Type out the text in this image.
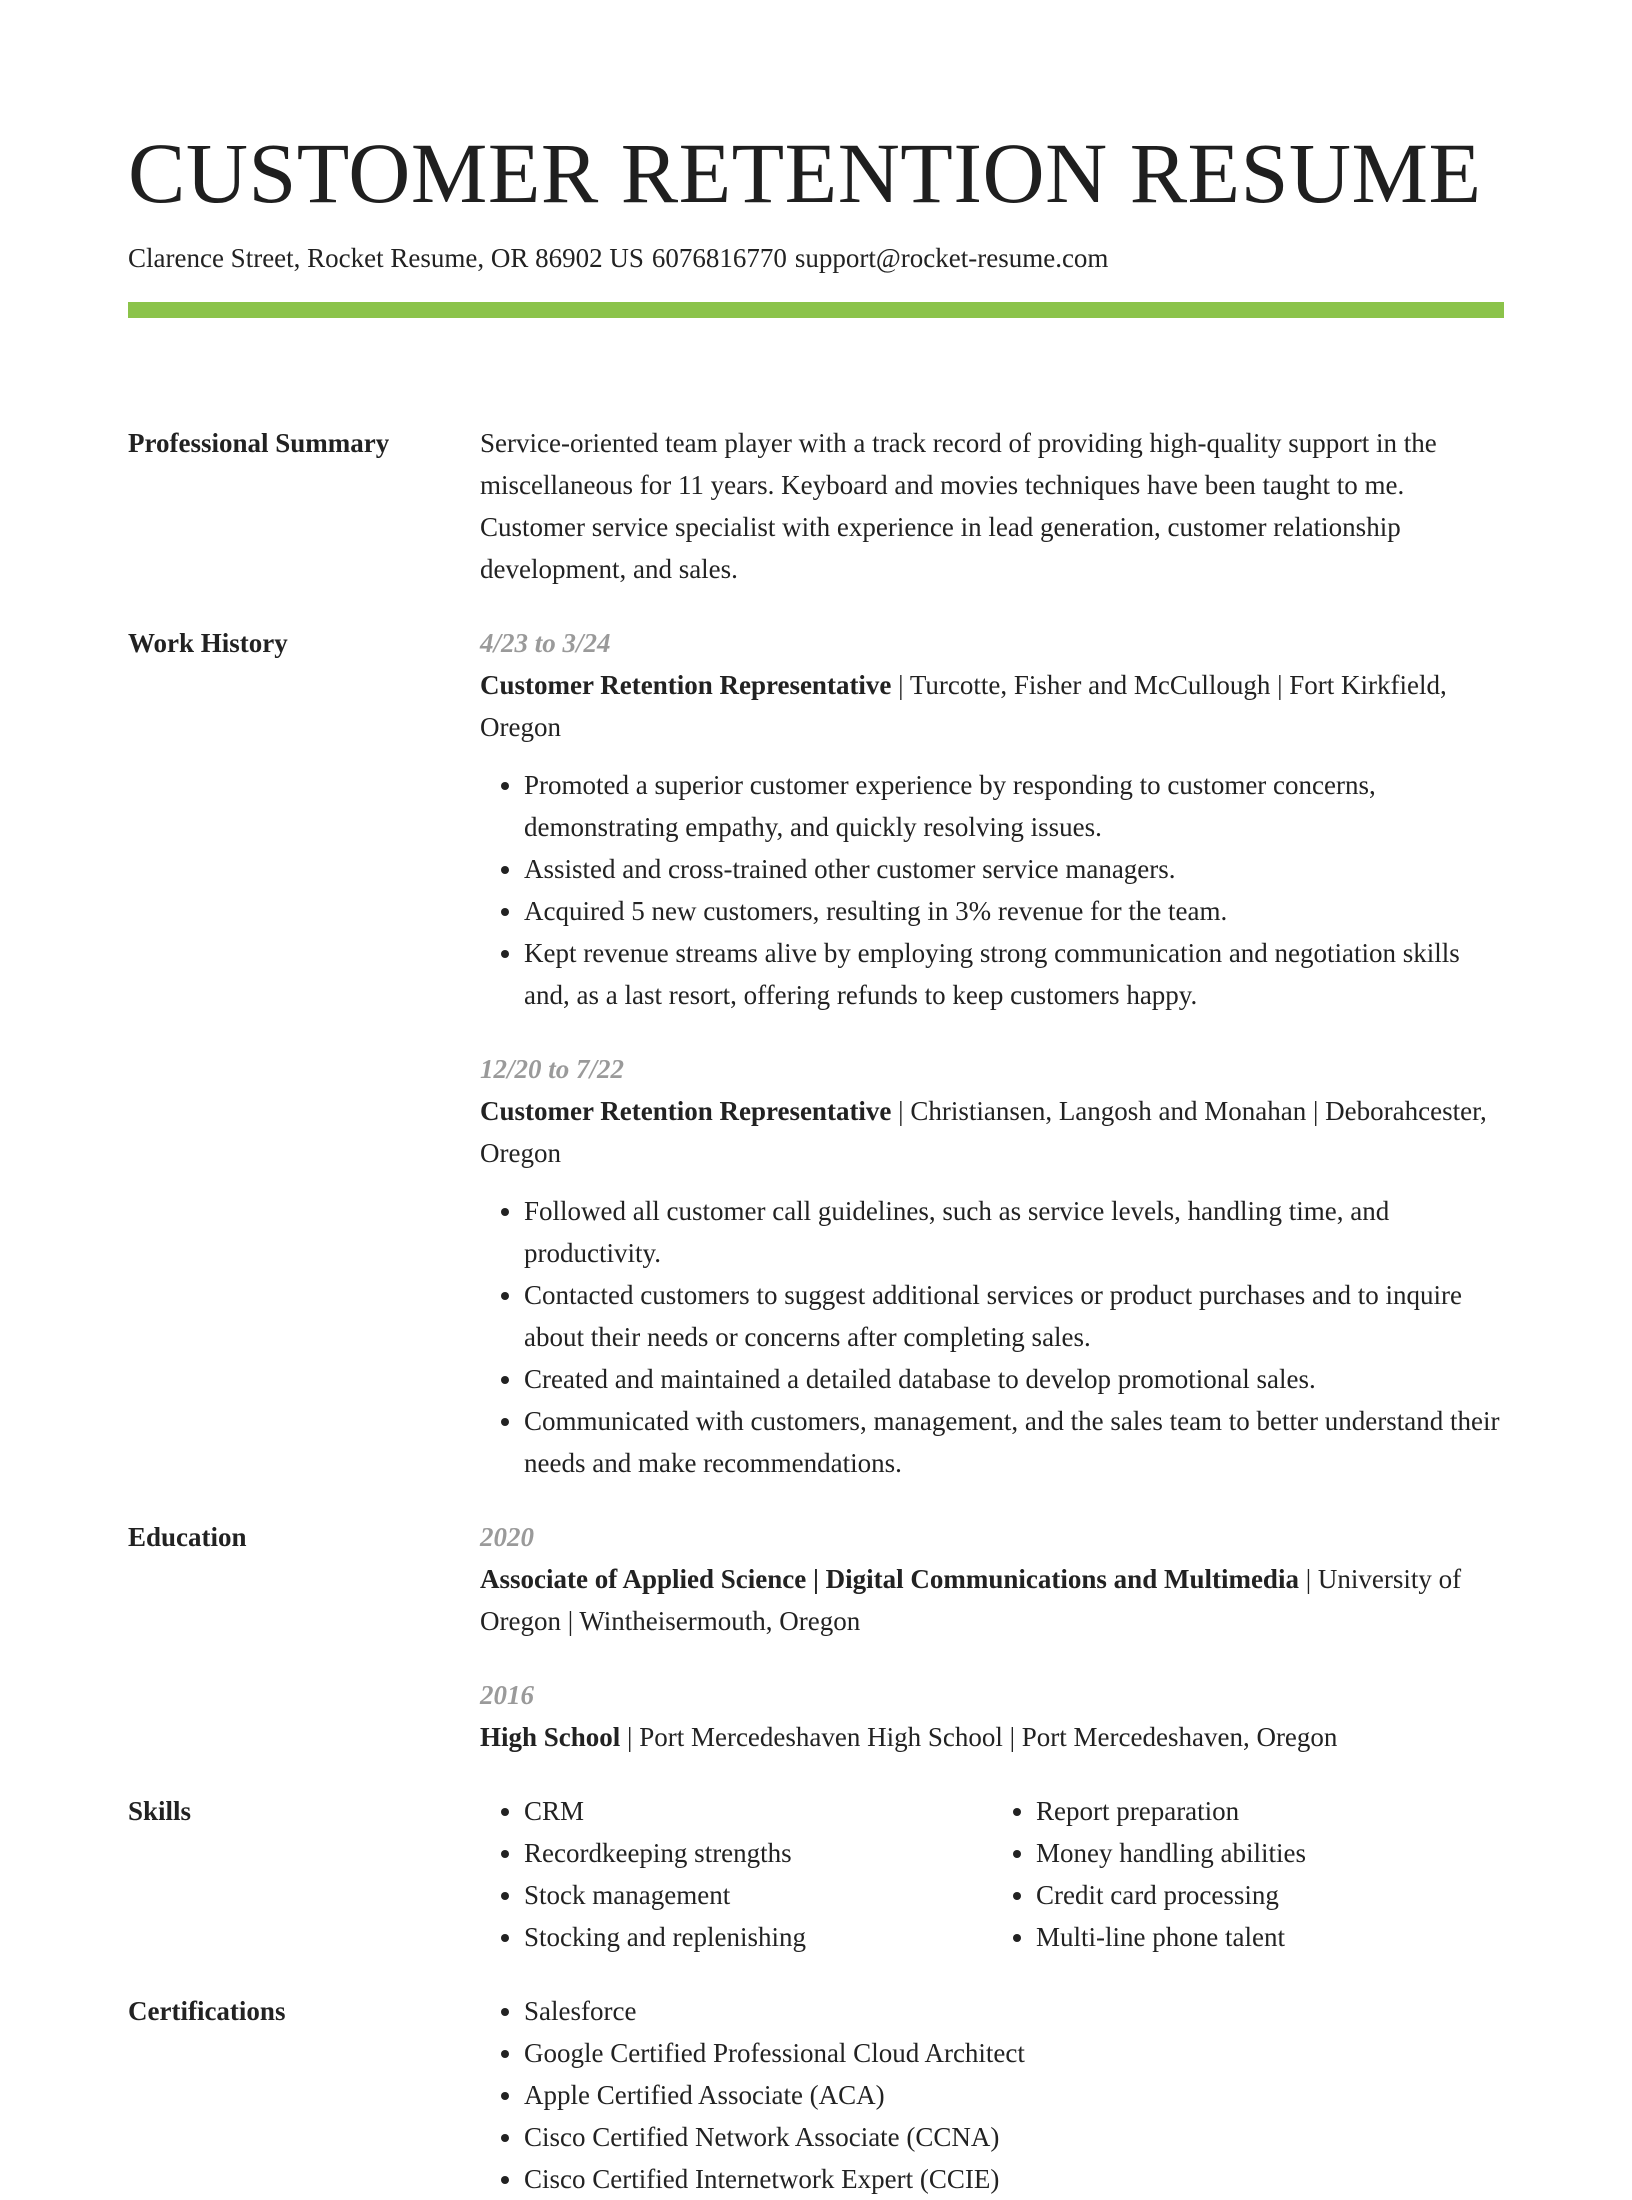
CUSTOMER RETENTION RESUME
Clarence Street, Rocket Resume, OR 86902 US 6076816770 support@rocket-resume.com
Professional Summary	Service-oriented team player with a track record of providing high-quality support in the miscellaneous for 11 years. Keyboard and movies techniques have been taught to me. Customer service specialist with experience in lead generation, customer relationship development, and sales.

Work History	4/23 to 3/24

Customer Retention Representative | Turcotte, Fisher and McCullough | Fort Kirkfield, Oregon

• Promoted a superior customer experience by responding to customer concerns, demonstrating empathy, and quickly resolving issues.
• Assisted and cross-trained other customer service managers.
• Acquired 5 new customers, resulting in 3% revenue for the team.
• Kept revenue streams alive by employing strong communication and negotiation skills and, as a last resort, offering refunds to keep customers happy.
12/20 to 7/22

Customer Retention Representative | Christiansen, Langosh and Monahan | Deborahcester, Oregon

• Followed all customer call guidelines, such as service levels, handling time, and productivity.
• Contacted customers to suggest additional services or product purchases and to inquire about their needs or concerns after completing sales.
• Created and maintained a detailed database to develop promotional sales.
• Communicated with customers, management, and the sales team to better understand their needs and make recommendations.
Education	2020

Associate of Applied Science | Digital Communications and Multimedia | University of Oregon | Wintheisermouth, Oregon

2016

High School | Port Mercedeshaven High School | Port Mercedeshaven, Oregon

Skills	• CRM
• Recordkeeping strengths
• Stock management
• Stocking and replenishing
• Report preparation
• Money handling abilities
• Credit card processing
• Multi-line phone talent
Certifications	• Salesforce
• Google Certified Professional Cloud Architect
• Apple Certified Associate (ACA)
• Cisco Certified Network Associate (CCNA)
• Cisco Certified Internetwork Expert (CCIE)
